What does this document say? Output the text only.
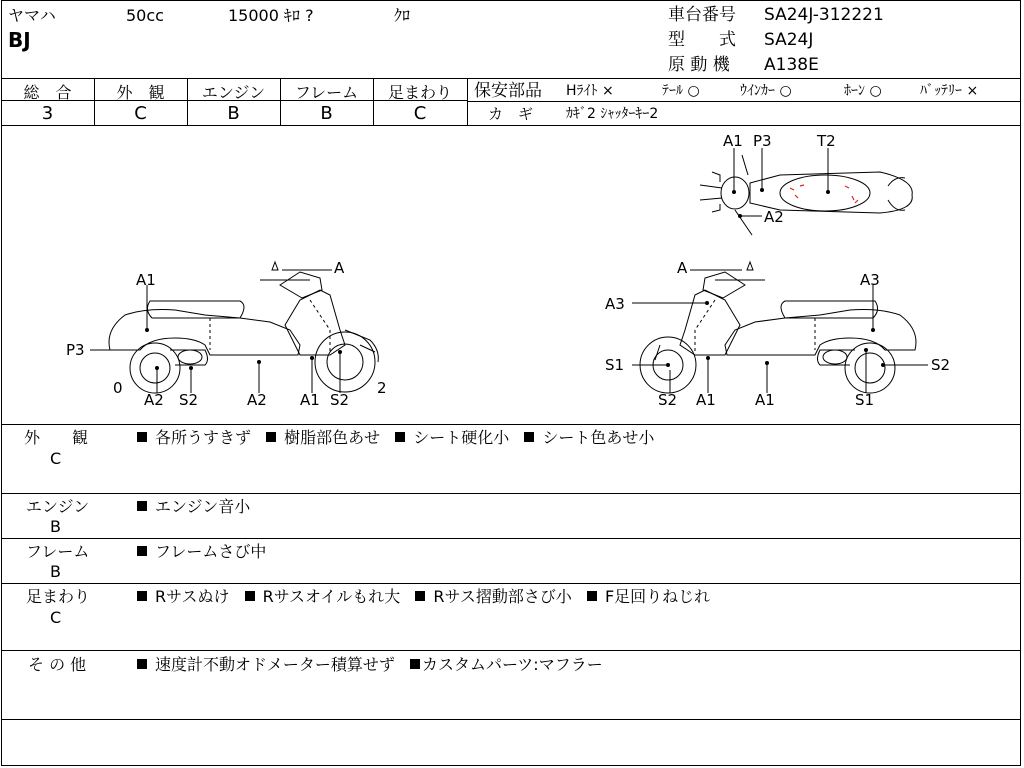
ヤマハ	50cc	15000 ｷﾛ ?	ｸﾛ
BJ
車台番号 SA24J-312221
型　　式 SA24J
原 動 機 A138E
総　合
3
外　観
C
エンジン
B
フレーム
B
足まわり
C
保安部品 Hﾗｲﾄ ×	ﾃｰﾙ ○	ｳｲﾝｶｰ ○	ﾎｰﾝ ○	ﾊﾞｯﾃﾘｰ ×
カ　ギ ｶｷﾞ2 ｼｬｯﾀｰｷｰ2
A1
A
P3
0
A2 S2	A2 A1 S2
2
A
A3
A3
S1	S2
S2 A1	A1	S1
A1 P3	T2
A2
外　　観
C
各所うすきず 樹脂部色あせ シート硬化小 シート色あせ小
エンジン
B
エンジン音小
フレーム
B
フレームさび中
足まわり
C
Rサスぬけ Rサスオイルもれ大 Rサス摺動部さび小 F足回りねじれ
そ の 他	速度計不動オドメーター積算せず カスタムパーツ:マフラー
